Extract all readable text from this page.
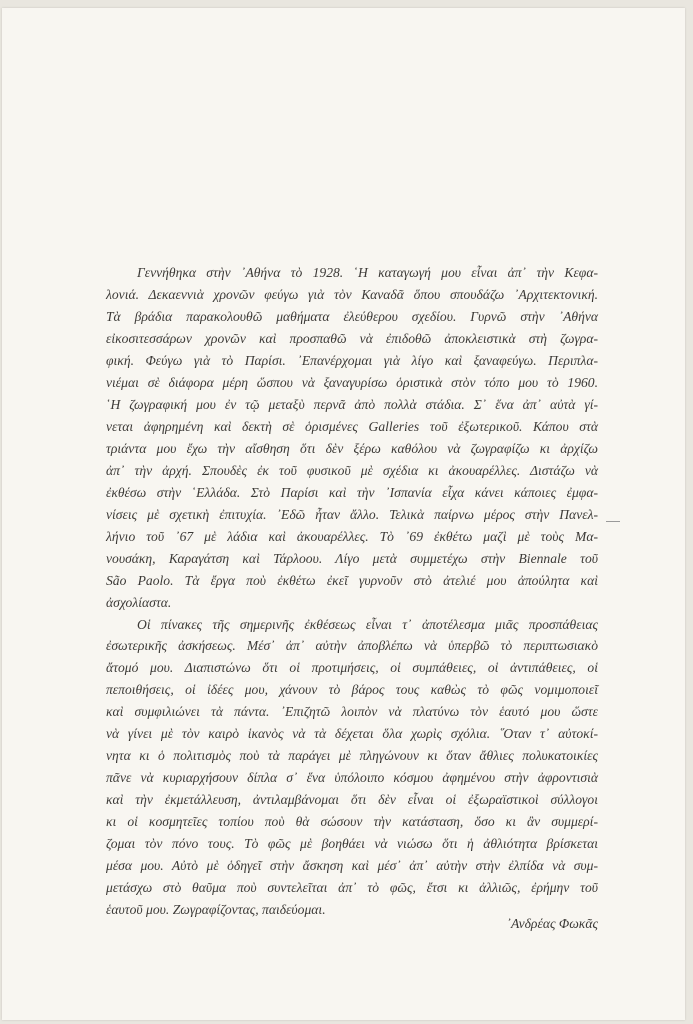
Γεννήθηκα στὴν ᾿Αθήνα τὸ 1928. ῾Η καταγωγή μου εἶναι ἀπ᾿ τὴν Κεφα-
λονιά. Δεκαεννιὰ χρονῶν φεύγω γιὰ τὸν Καναδᾶ ὅπου σπουδάζω ᾿Αρχιτεκτονική.
Τὰ βράδια παρακολουθῶ μαθήματα ἐλεύθερου σχεδίου. Γυρνῶ στὴν ᾿Αθήνα
εἰκοσιτεσσάρων χρονῶν καὶ προσπαθῶ νὰ ἐπιδοθῶ ἀποκλειστικὰ στὴ ζωγρα-
φική. Φεύγω γιὰ τὸ Παρίσι. ᾿Επανέρχομαι γιὰ λίγο καὶ ξαναφεύγω. Περιπλα-
νιέμαι σὲ διάφορα μέρη ὥσπου νὰ ξαναγυρίσω ὁριστικὰ στὸν τόπο μου τὸ 1960.
῾Η ζωγραφική μου ἐν τῷ μεταξὺ περνᾶ ἀπὸ πολλὰ στάδια. Σ᾿ ἕνα ἀπ᾿ αὐτὰ γί-
νεται ἀφηρημένη καὶ δεκτὴ σὲ ὁρισμένες Galleries τοῦ ἐξωτερικοῦ. Κάπου στὰ
τριάντα μου ἔχω τὴν αἴσθηση ὅτι δὲν ξέρω καθόλου νὰ ζωγραφίζω κι ἀρχίζω
ἀπ᾿ τὴν ἀρχή. Σπουδὲς ἐκ τοῦ φυσικοῦ μὲ σχέδια κι ἀκουαρέλλες. Διστάζω νὰ
ἐκθέσω στὴν ῾Ελλάδα. Στὸ Παρίσι καὶ τὴν ᾿Ισπανία εἶχα κάνει κάποιες ἐμφα-
νίσεις μὲ σχετικὴ ἐπιτυχία. ᾿Εδῶ ἦταν ἄλλο. Τελικὰ παίρνω μέρος στὴν Πανελ-
λήνιο τοῦ ᾿67 μὲ λάδια καὶ ἀκουαρέλλες. Τὸ ᾿69 ἐκθέτω μαζὶ μὲ τοὺς Μα-
νουσάκη, Καραγάτση καὶ Τάρλοου. Λίγο μετὰ συμμετέχω στὴν Biennale τοῦ
São Paolo. Τὰ ἔργα ποὺ ἐκθέτω ἐκεῖ γυρνοῦν στὸ ἀτελιέ μου ἀπούλητα καὶ
ἀσχολίαστα.
Οἱ πίνακες τῆς σημερινῆς ἐκθέσεως εἶναι τ᾿ ἀποτέλεσμα μιᾶς προσπάθειας
ἐσωτερικῆς ἀσκήσεως. Μέσ᾿ ἀπ᾿ αὐτὴν ἀποβλέπω νὰ ὑπερβῶ τὸ περιπτωσιακὸ
ἄτομό μου. Διαπιστώνω ὅτι οἱ προτιμήσεις, οἱ συμπάθειες, οἱ ἀντιπάθειες, οἱ
πεποιθήσεις, οἱ ἰδέες μου, χάνουν τὸ βάρος τους καθὼς τὸ φῶς νομιμοποιεῖ
καὶ συμφιλιώνει τὰ πάντα. ᾿Επιζητῶ λοιπὸν νὰ πλατύνω τὸν ἑαυτό μου ὥστε
νὰ γίνει μὲ τὸν καιρὸ ἱκανὸς νὰ τὰ δέχεται ὅλα χωρὶς σχόλια. ῞Οταν τ᾿ αὐτοκί-
νητα κι ὁ πολιτισμὸς ποὺ τὰ παράγει μὲ πληγώνουν κι ὅταν ἄθλιες πολυκατοικίες
πᾶνε νὰ κυριαρχήσουν δίπλα σ᾿ ἕνα ὑπόλοιπο κόσμου ἀφημένου στὴν ἀφροντισιὰ
καὶ τὴν ἐκμετάλλευση, ἀντιλαμβάνομαι ὅτι δὲν εἶναι οἱ ἐξωραϊστικοὶ σύλλογοι
κι οἱ κοσμητεῖες τοπίου ποὺ θὰ σώσουν τὴν κατάσταση, ὅσο κι ἂν συμμερί-
ζομαι τὸν πόνο τους. Τὸ φῶς μὲ βοηθάει νὰ νιώσω ὅτι ἡ ἀθλιότητα βρίσκεται
μέσα μου. Αὐτὸ μὲ ὁδηγεῖ στὴν ἄσκηση καὶ μέσ᾿ ἀπ᾿ αὐτὴν στὴν ἐλπίδα νὰ συμ-
μετάσχω στὸ θαῦμα ποὺ συντελεῖται ἀπ᾿ τὸ φῶς, ἔτσι κι ἀλλιῶς, ἐρήμην τοῦ
ἑαυτοῦ μου. Ζωγραφίζοντας, παιδεύομαι.
᾿Ανδρέας Φωκᾶς
